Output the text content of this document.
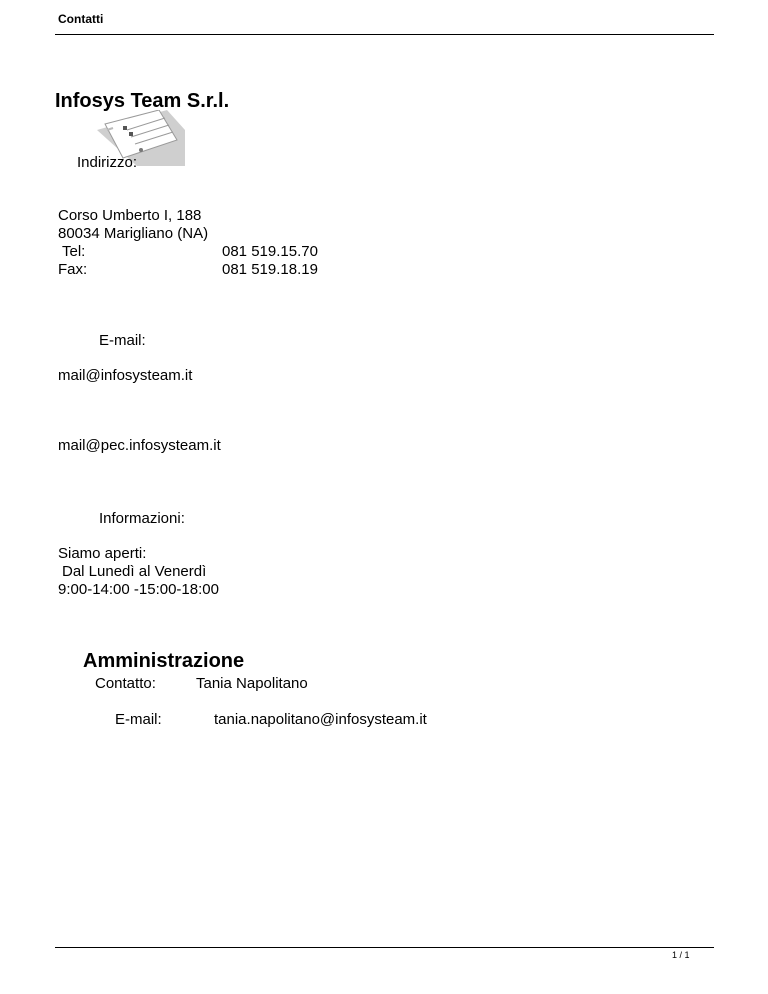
Contatti
Infosys Team S.r.l.
Indirizzo:
Corso Umberto I, 188
80034 Marigliano (NA)
Tel:	081 519.15.70
Fax:	081 519.18.19
E-mail:
mail@infosysteam.it
mail@pec.infosysteam.it
Informazioni:
Siamo aperti:
Dal Lunedì al Venerdì
9:00-14:00 -15:00-18:00
Amministrazione
Contatto:	Tania Napolitano
E-mail:	tania.napolitano@infosysteam.it
1 / 1
